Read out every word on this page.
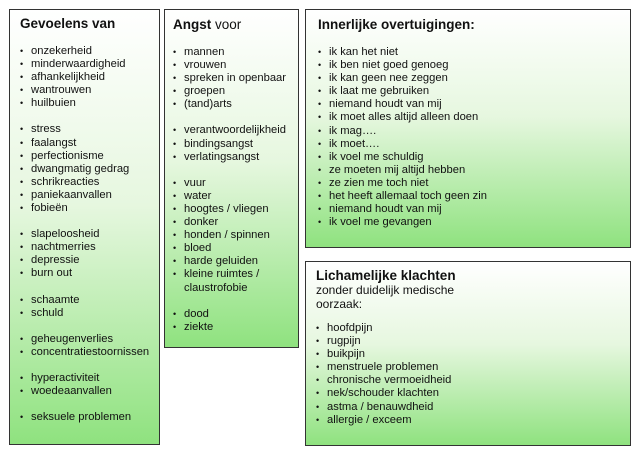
Gevoelens van

• onzekerheid
• minderwaardigheid
• afhankelijkheid
• wantrouwen
• huilbuien
• stress
• faalangst
• perfectionisme
• dwangmatig gedrag
• schrikreacties
• paniekaanvallen
• fobieën
• slapeloosheid
• nachtmerries
• depressie
• burn out
• schaamte
• schuld
• geheugenverlies
• concentratiestoornissen
• hyperactiviteit
• woedeaanvallen
• seksuele problemen

Angst voor

• mannen
• vrouwen
• spreken in openbaar
• groepen
• (tand)arts
• verantwoordelijkheid
• bindingsangst
• verlatingsangst
• vuur
• water
• hoogtes / vliegen
• donker
• honden / spinnen
• bloed
• harde geluiden
• kleine ruimtes / claustrofobie
• dood
• ziekte

Innerlijke overtuigingen:

• ik kan het niet
• ik ben niet goed genoeg
• ik kan geen nee zeggen
• ik laat me gebruiken
• niemand houdt van mij
• ik moet alles altijd alleen doen
• ik mag….
• ik moet….
• ik voel me schuldig
• ze moeten mij altijd hebben
• ze zien me toch niet
• het heeft allemaal toch geen zin
• niemand houdt van mij
• ik voel me gevangen

Lichamelijke klachten

zonder duidelijk medische oorzaak:

• hoofdpijn
• rugpijn
• buikpijn
• menstruele problemen
• chronische vermoeidheid
• nek/schouder klachten
• astma / benauwdheid
• allergie / exceem
